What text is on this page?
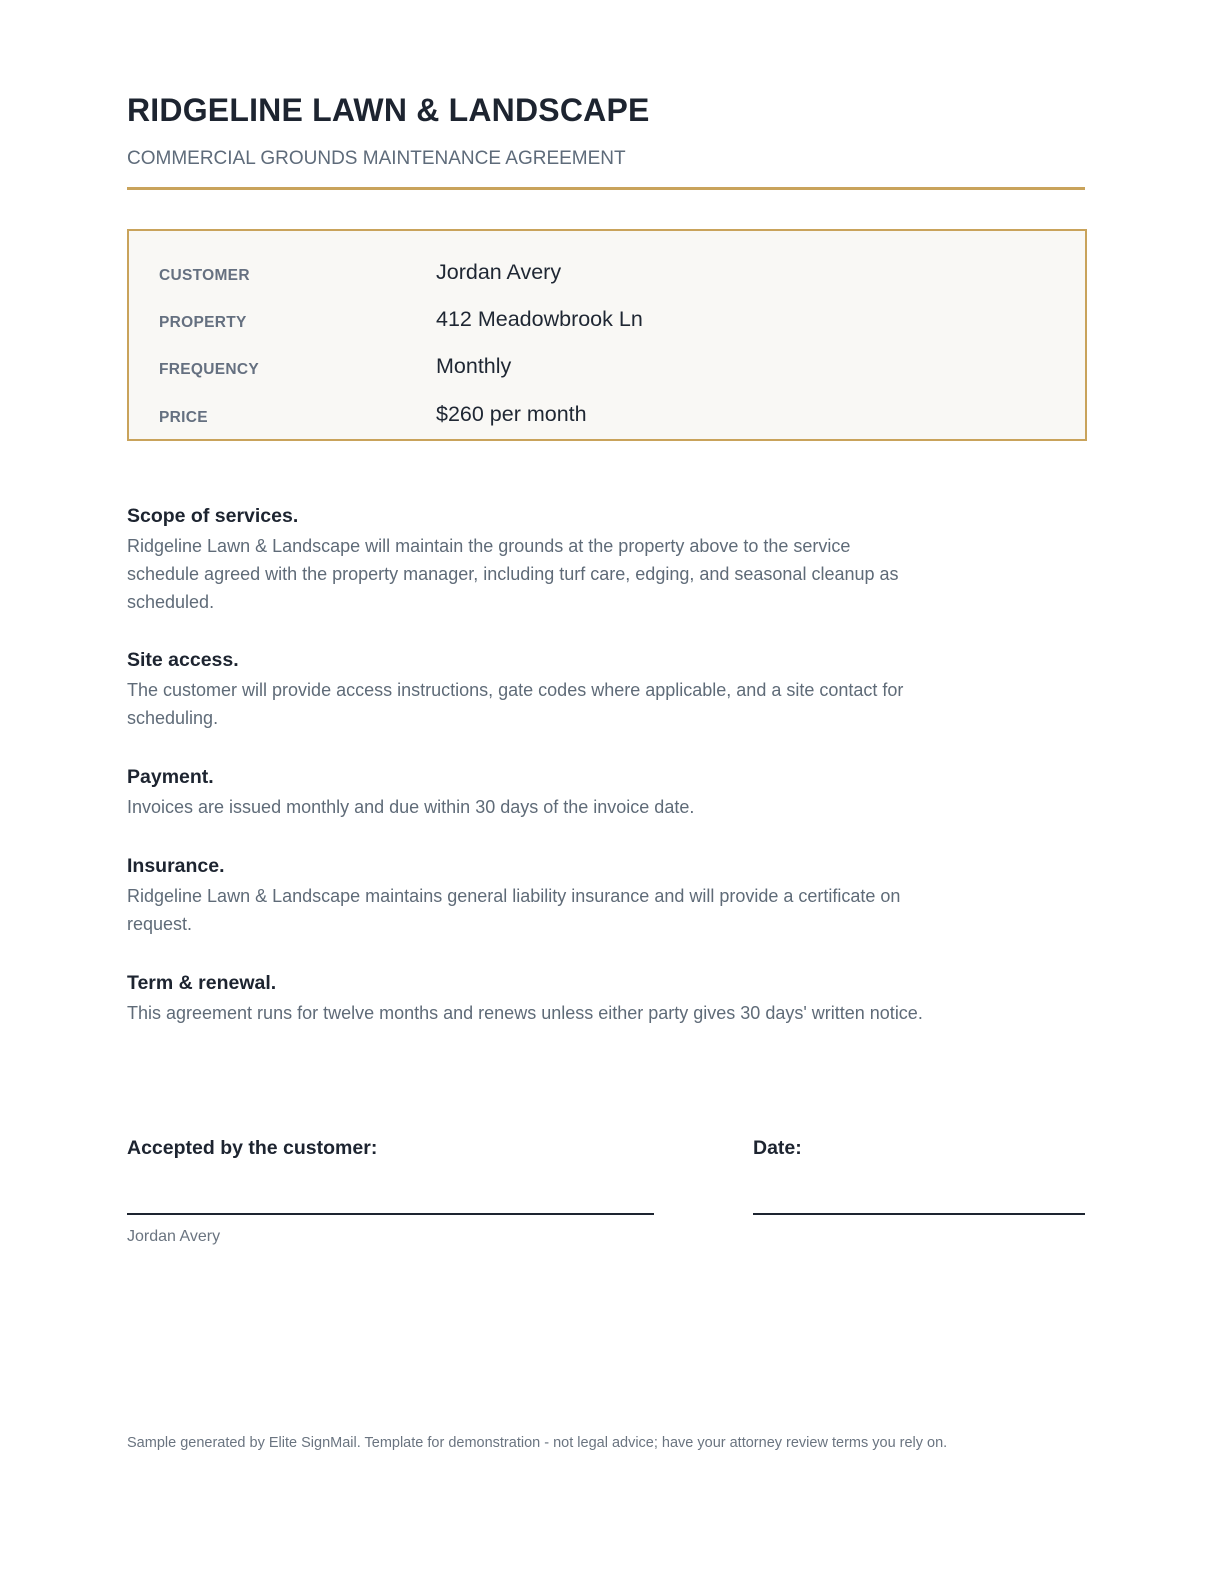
RIDGELINE LAWN & LANDSCAPE
COMMERCIAL GROUNDS MAINTENANCE AGREEMENT
CUSTOMER	Jordan Avery
PROPERTY	412 Meadowbrook Ln
FREQUENCY	Monthly
PRICE	$260 per month

Scope of services.

Ridgeline Lawn & Landscape will maintain the grounds at the property above to the service schedule agreed with the property manager, including turf care, edging, and seasonal cleanup as scheduled.

Site access.

The customer will provide access instructions, gate codes where applicable, and a site contact for scheduling.

Payment.

Invoices are issued monthly and due within 30 days of the invoice date.

Insurance.

Ridgeline Lawn & Landscape maintains general liability insurance and will provide a certificate on request.

Term & renewal.

This agreement runs for twelve months and renews unless either party gives 30 days' written notice.

Accepted by the customer:	Date:
Jordan Avery
Sample generated by Elite SignMail. Template for demonstration - not legal advice; have your attorney review terms you rely on.
